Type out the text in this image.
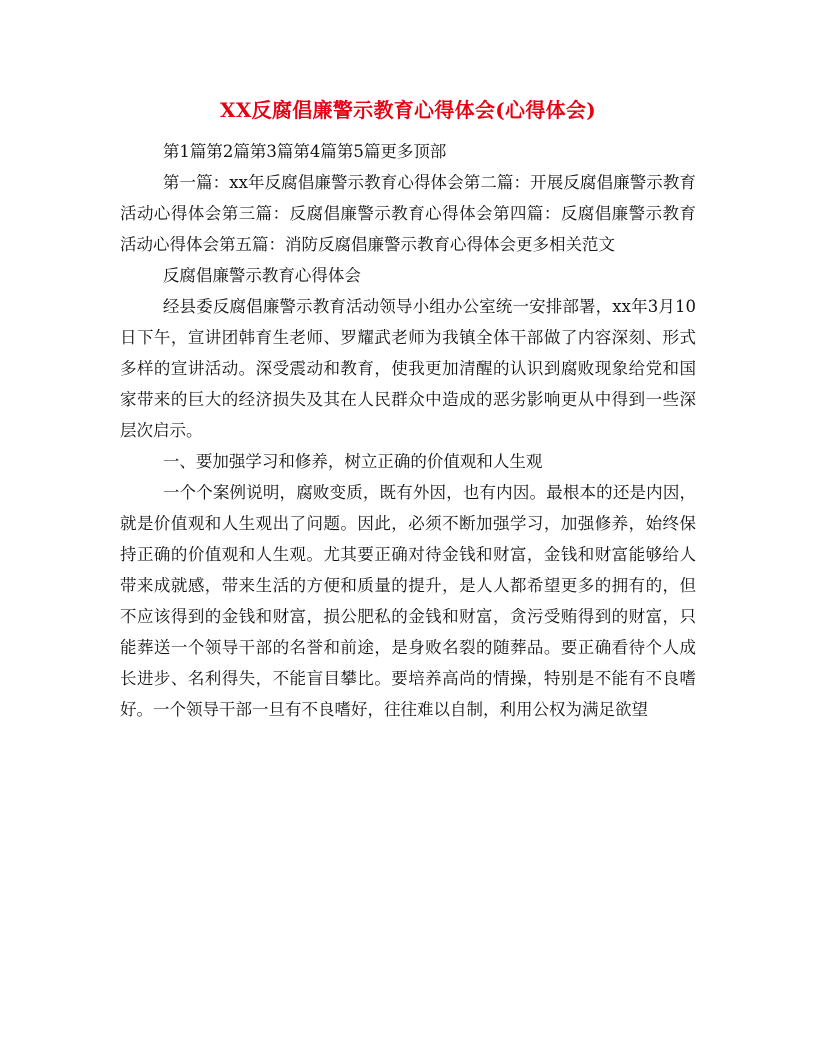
XX反腐倡廉警示教育心得体会(心得体会)

第1篇第2篇第3篇第4篇第5篇更多顶部

第一篇：xx年反腐倡廉警示教育心得体会第二篇：开展反腐倡廉警示教育活动心得体会第三篇：反腐倡廉警示教育心得体会第四篇：反腐倡廉警示教育活动心得体会第五篇：消防反腐倡廉警示教育心得体会更多相关范文

反腐倡廉警示教育心得体会

经县委反腐倡廉警示教育活动领导小组办公室统一安排部署，xx年3月10日下午，宣讲团韩育生老师、罗耀武老师为我镇全体干部做了内容深刻、形式多样的宣讲活动。深受震动和教育，使我更加清醒的认识到腐败现象给党和国家带来的巨大的经济损失及其在人民群众中造成的恶劣影响更从中得到一些深层次启示。

一、要加强学习和修养，树立正确的价值观和人生观

一个个案例说明，腐败变质，既有外因，也有内因。最根本的还是内因，就是价值观和人生观出了问题。因此，必须不断加强学习，加强修养，始终保持正确的价值观和人生观。尤其要正确对待金钱和财富，金钱和财富能够给人带来成就感，带来生活的方便和质量的提升，是人人都希望更多的拥有的，但不应该得到的金钱和财富，损公肥私的金钱和财富，贪污受贿得到的财富，只能葬送一个领导干部的名誉和前途，是身败名裂的随葬品。要正确看待个人成长进步、名利得失，不能盲目攀比。要培养高尚的情操，特别是不能有不良嗜好。一个领导干部一旦有不良嗜好，往往难以自制，利用公权为满足欲望
